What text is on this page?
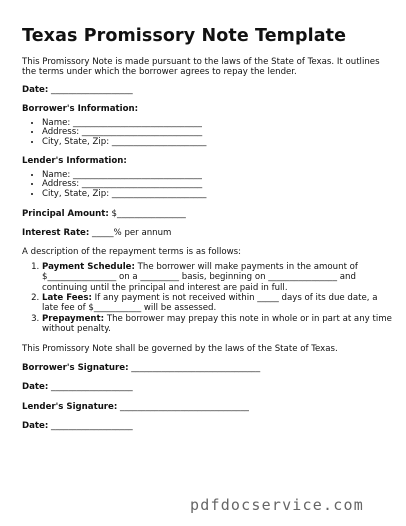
Texas Promissory Note Template

This Promissory Note is made pursuant to the laws of the State of Texas. It outlines the terms under which the borrower agrees to repay the lender.

Date: ___________________

Borrower's Information:

• Name: ______________________________
• Address: ____________________________
• City, State, Zip: ______________________

Lender's Information:

• Name: ______________________________
• Address: ____________________________
• City, State, Zip: ______________________

Principal Amount: $________________

Interest Rate: _____% per annum

A description of the repayment terms is as follows:

1. Payment Schedule: The borrower will make payments in the amount of $________________ on a _________ basis, beginning on ________________ and continuing until the principal and interest are paid in full.
2. Late Fees: If any payment is not received within _____ days of its due date, a late fee of $___________ will be assessed.
3. Prepayment: The borrower may prepay this note in whole or in part at any time without penalty.

This Promissory Note shall be governed by the laws of the State of Texas.

Borrower's Signature: ______________________________

Date: ___________________

Lender's Signature: ______________________________

Date: ___________________

pdfdocservice.com
